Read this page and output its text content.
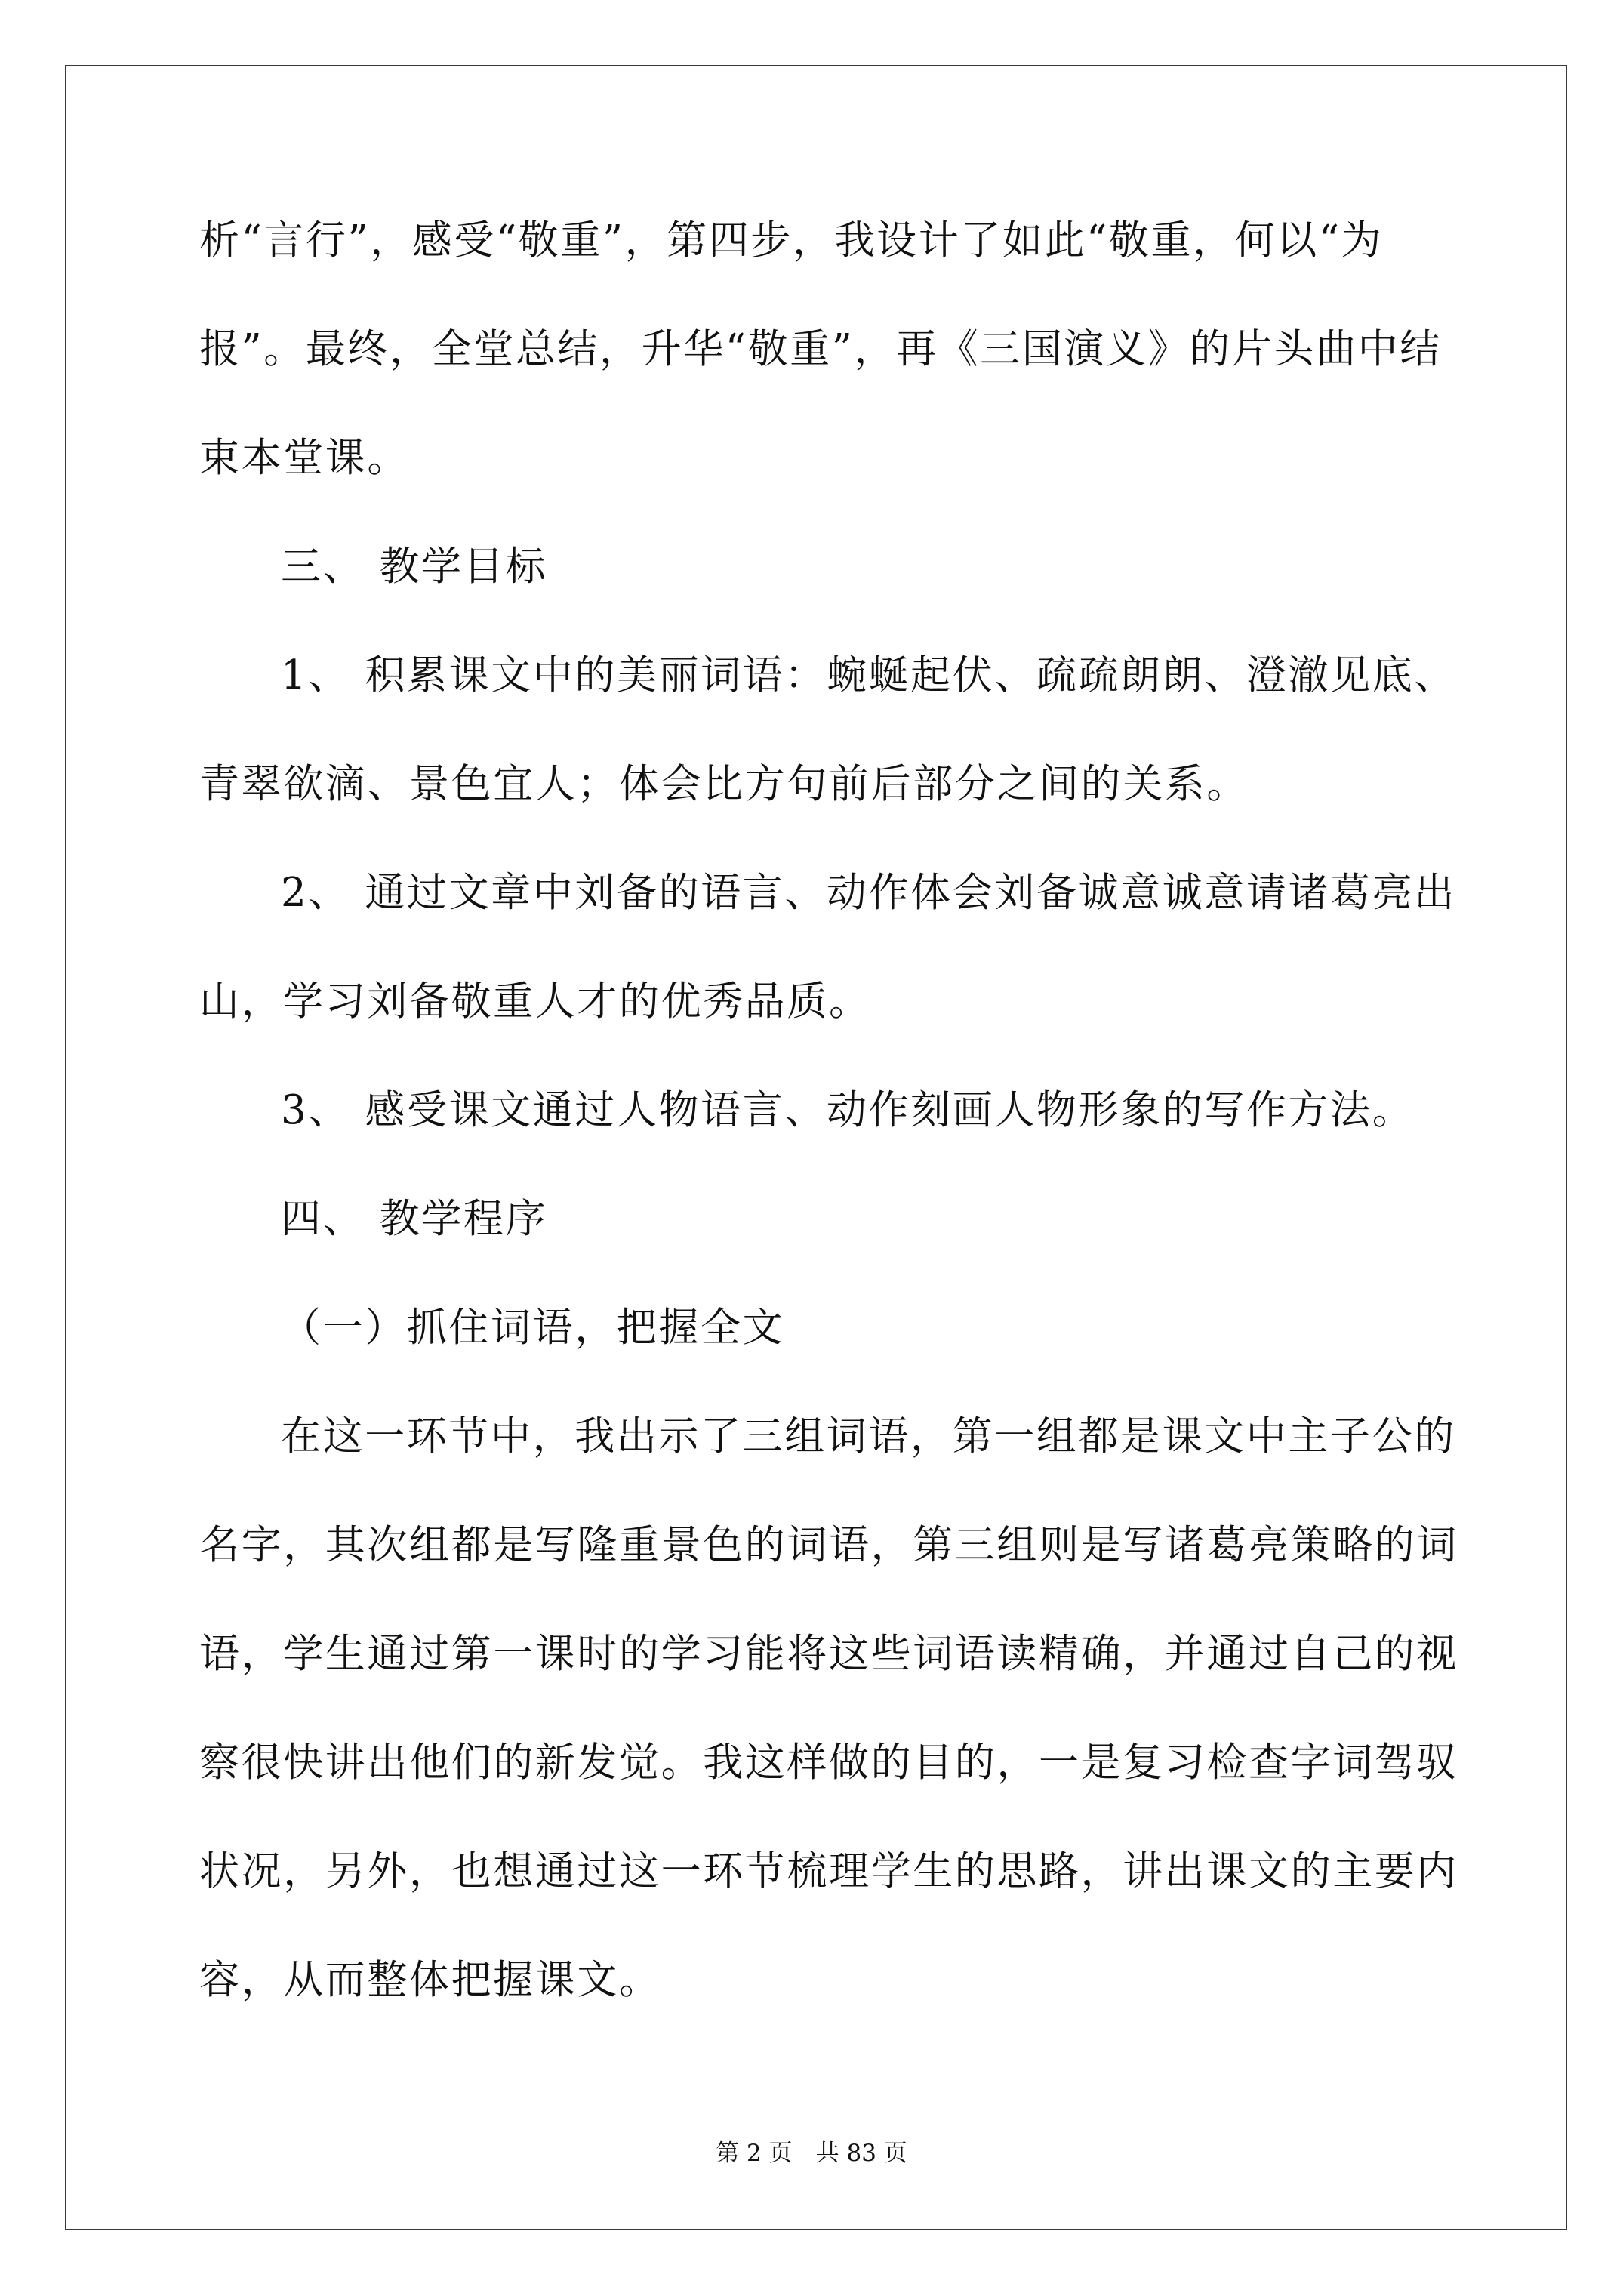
析“言行”，感受“敬重”，第四步，我设计了如此“敬重，何以“为
报”。最终，全堂总结，升华“敬重”，再《三国演义》的片头曲中结
束本堂课。
三、 教学目标
1、 积累课文中的美丽词语：蜿蜒起伏、疏疏朗朗、澄澈见底、
青翠欲滴、景色宜人；体会比方句前后部分之间的关系。
2、 通过文章中刘备的语言、动作体会刘备诚意诚意请诸葛亮出
山，学习刘备敬重人才的优秀品质。
3、 感受课文通过人物语言、动作刻画人物形象的写作方法。
四、 教学程序
（一）抓住词语，把握全文
在这一环节中，我出示了三组词语，第一组都是课文中主子公的
名字，其次组都是写隆重景色的词语，第三组则是写诸葛亮策略的词
语，学生通过第一课时的学习能将这些词语读精确，并通过自己的视
察很快讲出他们的新发觉。我这样做的目的，一是复习检查字词驾驭
状况，另外，也想通过这一环节梳理学生的思路，讲出课文的主要内
容，从而整体把握课文。
第 2 页　共 83 页
